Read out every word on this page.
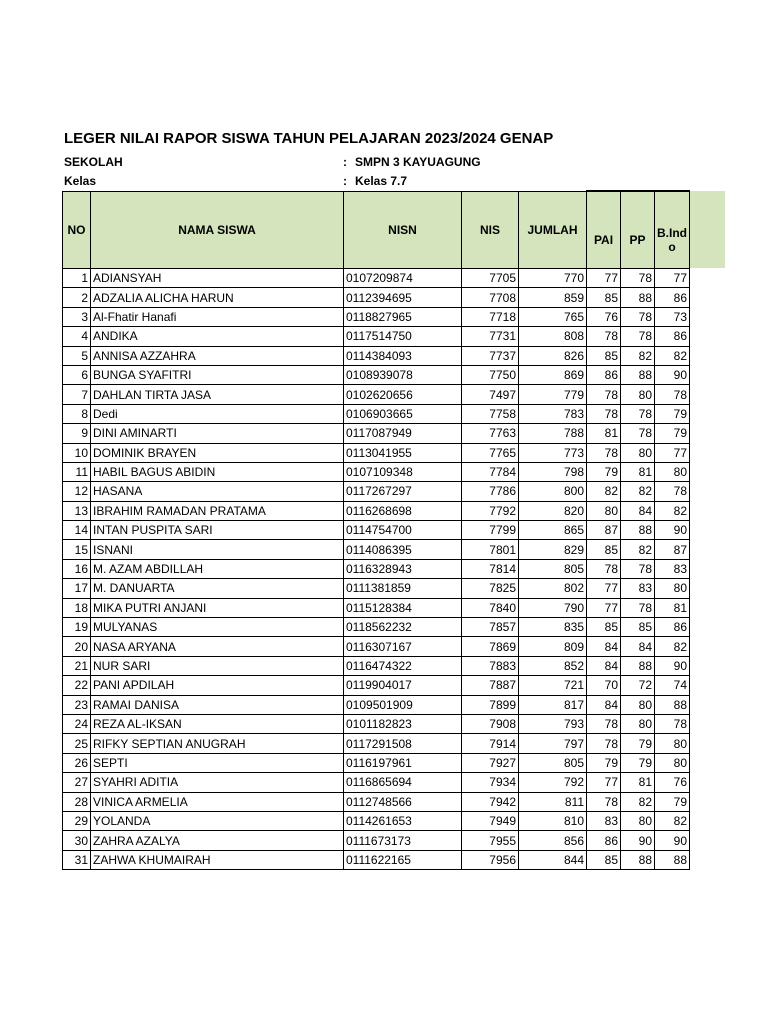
LEGER NILAI RAPOR SISWA TAHUN PELAJARAN 2023/2024 GENAP
SEKOLAH	: SMPN 3 KAYUAGUNG
Kelas	: Kelas 7.7
NO	NAMA SISWA	NISN	NIS	JUMLAH	PAI	PP	B.Indo
1	ADIANSYAH	0107209874	7705	770	77	78	77
2	ADZALIA ALICHA HARUN	0112394695	7708	859	85	88	86
3	Al-Fhatir Hanafi	0118827965	7718	765	76	78	73
4	ANDIKA	0117514750	7731	808	78	78	86
5	ANNISA AZZAHRA	0114384093	7737	826	85	82	82
6	BUNGA SYAFITRI	0108939078	7750	869	86	88	90
7	DAHLAN TIRTA JASA	0102620656	7497	779	78	80	78
8	Dedi	0106903665	7758	783	78	78	79
9	DINI AMINARTI	0117087949	7763	788	81	78	79
10	DOMINIK BRAYEN	0113041955	7765	773	78	80	77
11	HABIL BAGUS ABIDIN	0107109348	7784	798	79	81	80
12	HASANA	0117267297	7786	800	82	82	78
13	IBRAHIM RAMADAN PRATAMA	0116268698	7792	820	80	84	82
14	INTAN PUSPITA SARI	0114754700	7799	865	87	88	90
15	ISNANI	0114086395	7801	829	85	82	87
16	M. AZAM ABDILLAH	0116328943	7814	805	78	78	83
17	M. DANUARTA	0111381859	7825	802	77	83	80
18	MIKA PUTRI ANJANI	0115128384	7840	790	77	78	81
19	MULYANAS	0118562232	7857	835	85	85	86
20	NASA ARYANA	0116307167	7869	809	84	84	82
21	NUR SARI	0116474322	7883	852	84	88	90
22	PANI APDILAH	0119904017	7887	721	70	72	74
23	RAMAI DANISA	0109501909	7899	817	84	80	88
24	REZA AL-IKSAN	0101182823	7908	793	78	80	78
25	RIFKY SEPTIAN ANUGRAH	0117291508	7914	797	78	79	80
26	SEPTI	0116197961	7927	805	79	79	80
27	SYAHRI ADITIA	0116865694	7934	792	77	81	76
28	VINICA ARMELIA	0112748566	7942	811	78	82	79
29	YOLANDA	0114261653	7949	810	83	80	82
30	ZAHRA AZALYA	0111673173	7955	856	86	90	90
31	ZAHWA KHUMAIRAH	0111622165	7956	844	85	88	88
